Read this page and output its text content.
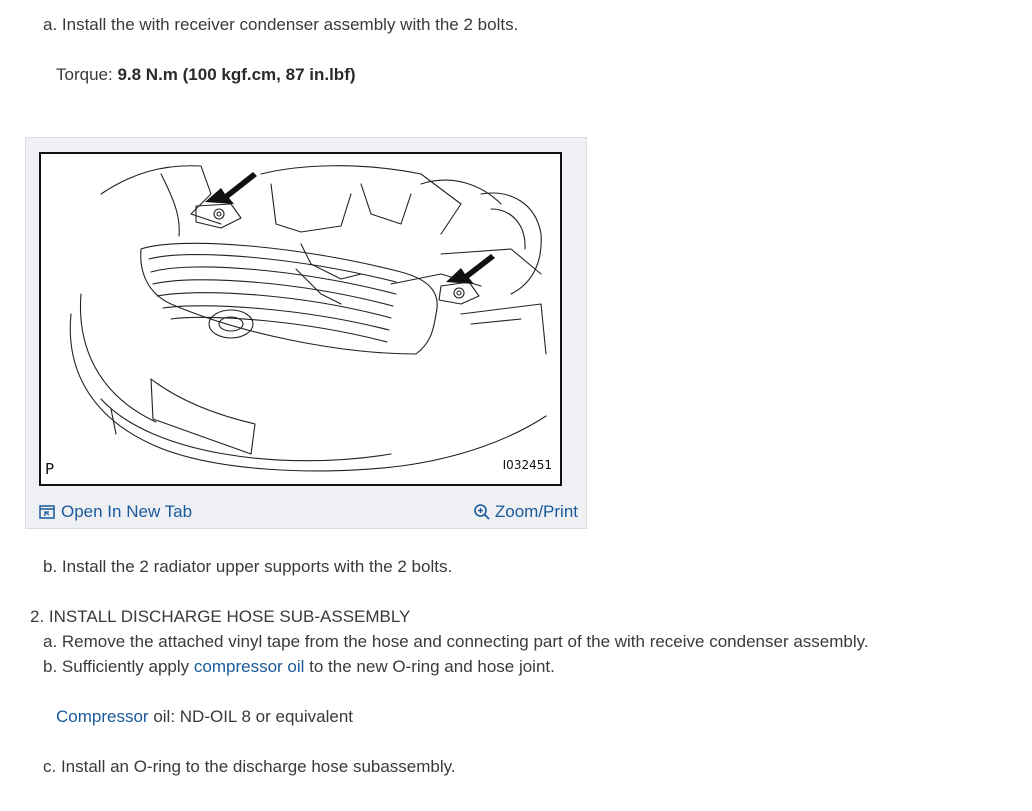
a. Install the with receiver condenser assembly with the 2 bolts.
Torque: 9.8 N.m (100 kgf.cm, 87 in.lbf)
P	I032451
Open In New Tab	Zoom/Print
b. Install the 2 radiator upper supports with the 2 bolts.
2. INSTALL DISCHARGE HOSE SUB-ASSEMBLY
a. Remove the attached vinyl tape from the hose and connecting part of the with receive condenser assembly.
b. Sufficiently apply compressor oil to the new O-ring and hose joint.
Compressor oil: ND-OIL 8 or equivalent
c. Install an O-ring to the discharge hose subassembly.
